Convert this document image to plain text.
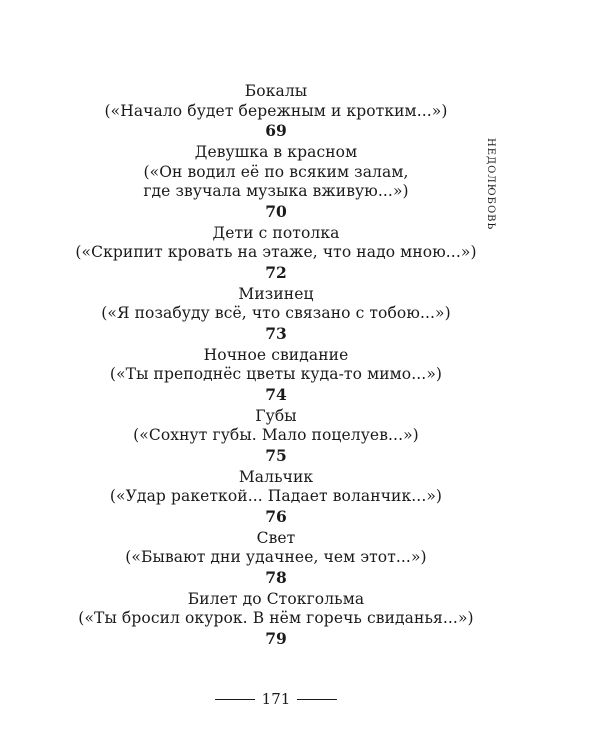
НЕДОЛЮБОВЬ
Бокалы
(«Начало будет бережным и кротким...»)
69
Девушка в красном
(«Он водил её по всяким залам,
где звучала музыка вживую...»)
70
Дети с потолка
(«Скрипит кровать на этаже, что надо мною...»)
72
Мизинец
(«Я позабуду всё, что связано с тобою...»)
73
Ночное свидание
(«Ты преподнёс цветы куда-то мимо...»)
74
Губы
(«Сохнут губы. Мало поцелуев...»)
75
Мальчик
(«Удар ракеткой... Падает воланчик...»)
76
Свет
(«Бывают дни удачнее, чем этот...»)
78
Билет до Стокгольма
(«Ты бросил окурок. В нём горечь свиданья...»)
79
171
